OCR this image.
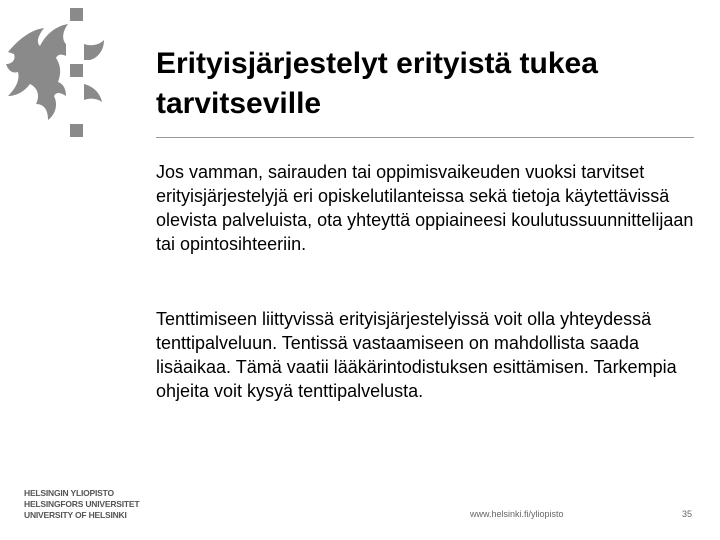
Erityisjärjestelyt erityistä tukea tarvitseville

Jos vamman, sairauden tai oppimisvaikeuden vuoksi tarvitset erityisjärjestelyjä eri opiskelutilanteissa sekä tietoja käytettävissä olevista palveluista, ota yhteyttä oppiaineesi koulutussuunnittelijaan tai opintosihteeriin.

Tenttimiseen liittyvissä erityisjärjestelyissä voit olla yhteydessä tenttipalveluun. Tentissä vastaamiseen on mahdollista saada lisäaikaa. Tämä vaatii lääkärintodistuksen esittämisen. Tarkempia ohjeita voit kysyä tenttipalvelusta.

HELSINGIN YLIOPISTO
HELSINGFORS UNIVERSITET
UNIVERSITY OF HELSINKI	www.helsinki.fi/yliopisto	35
